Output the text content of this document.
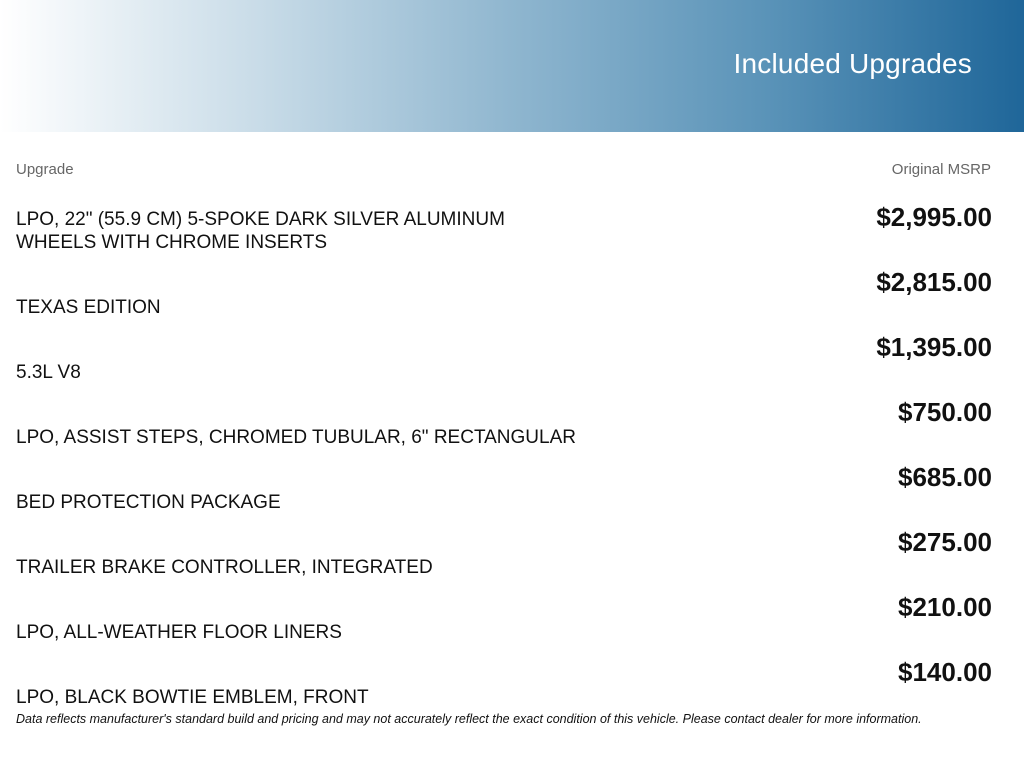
Included Upgrades
Upgrade	Original MSRP
LPO, 22" (55.9 CM) 5-SPOKE DARK SILVER ALUMINUM WHEELS WITH CHROME INSERTS
$2,995.00
TEXAS EDITION
$2,815.00
5.3L V8
$1,395.00
LPO, ASSIST STEPS, CHROMED TUBULAR, 6" RECTANGULAR
$750.00
BED PROTECTION PACKAGE
$685.00
TRAILER BRAKE CONTROLLER, INTEGRATED
$275.00
LPO, ALL-WEATHER FLOOR LINERS
$210.00
LPO, BLACK BOWTIE EMBLEM, FRONT
$140.00
Data reflects manufacturer's standard build and pricing and may not accurately reflect the exact condition of this vehicle. Please contact dealer for more information.
